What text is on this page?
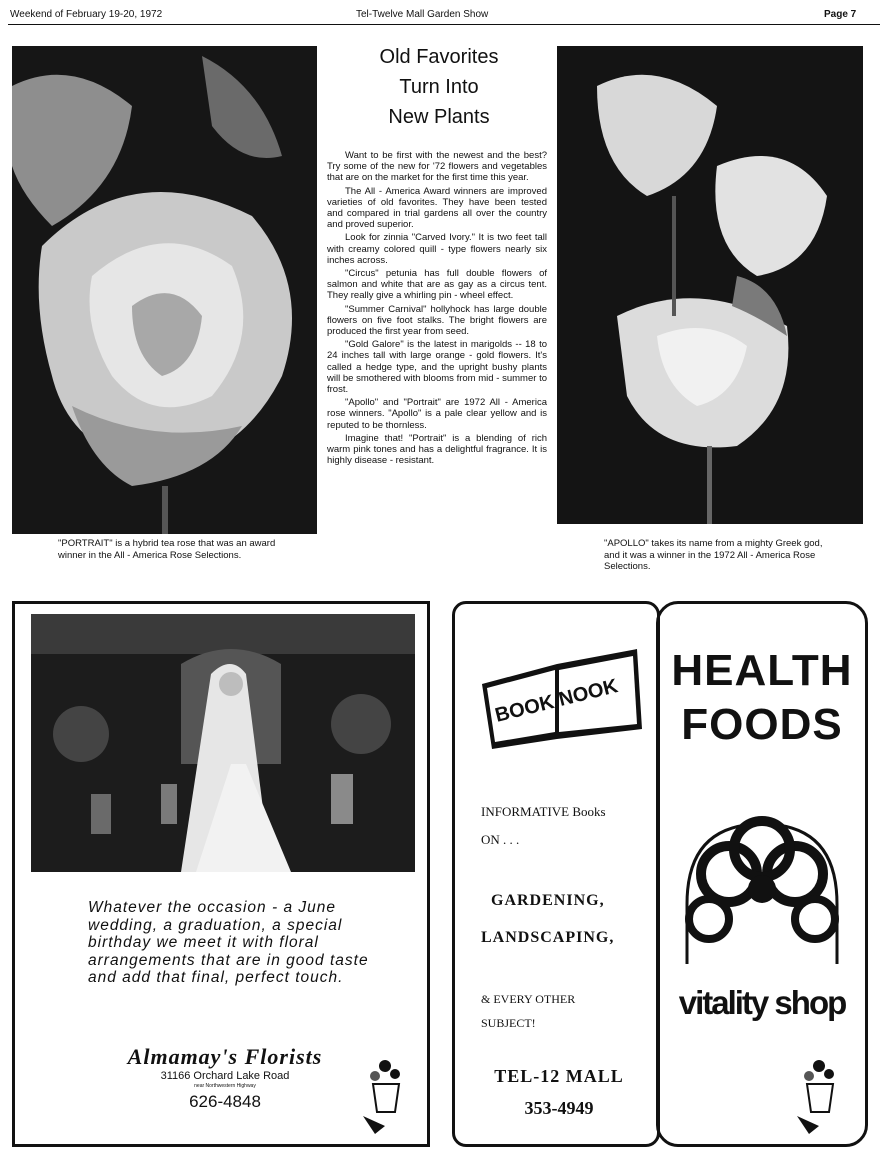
Weekend of February 19-20, 1972	Tel-Twelve Mall Garden Show	Page 7
"PORTRAIT" is a hybrid tea rose that was an award winner in the All - America Rose Selections.
Old Favorites
Turn Into
New Plants

Want to be first with the newest and the best? Try some of the new for '72 flowers and vegetables that are on the market for the first time this year.

The All - America Award winners are improved varieties of old favorites. They have been tested and compared in trial gardens all over the country and proved superior.

Look for zinnia "Carved Ivory." It is two feet tall with creamy colored quill - type flowers nearly six inches across.

"Circus" petunia has full double flowers of salmon and white that are as gay as a circus tent. They really give a whirling pin - wheel effect.

"Summer Carnival" hollyhock has large double flowers on five foot stalks. The bright flowers are produced the first year from seed.

"Gold Galore" is the latest in marigolds -- 18 to 24 inches tall with large orange - gold flowers. It's called a hedge type, and the upright bushy plants will be smothered with blooms from mid - summer to frost.

"Apollo" and "Portrait" are 1972 All - America rose winners. "Apollo" is a pale clear yellow and is reputed to be thornless.

Imagine that! "Portrait" is a blending of rich warm pink tones and has a delightful fragrance. It is highly disease - resistant.

"APOLLO" takes its name from a mighty Greek god, and it was a winner in the 1972 All - America Rose Selections.
Whatever the occasion - a June wedding, a graduation, a special birthday we meet it with floral arrangements that are in good taste and add that final, perfect touch.
Almamay's Florists
31166 Orchard Lake Road
near Northwestern Highway
626-4848
BOOK NOOK
INFORMATIVE Books
ON . . .
GARDENING,
LANDSCAPING,
& EVERY OTHER
SUBJECT!
TEL-12 MALL
353-4949
HEALTH
FOODS
vitality shop
